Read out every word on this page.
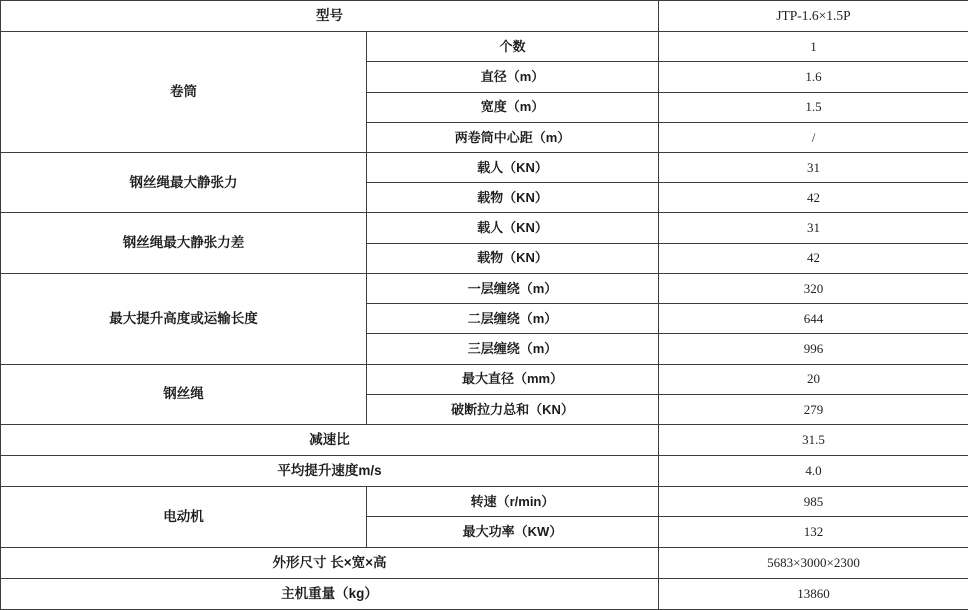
型号		JTP-1.6×1.5P
卷筒	个数	1
	直径（m）	1.6
	宽度（m）	1.5
	两卷筒中心距（m）	/
钢丝绳最大静张力	载人（KN）	31
	载物（KN）	42
钢丝绳最大静张力差	载人（KN）	31
	载物（KN）	42
最大提升高度或运输长度	一层缠绕（m）	320
	二层缠绕（m）	644
	三层缠绕（m）	996
钢丝绳	最大直径（mm）	20
	破断拉力总和（KN）	279
减速比		31.5
平均提升速度m/s		4.0
电动机	转速（r/min）	985
	最大功率（KW）	132
外形尺寸 长×宽×高		5683×3000×2300
主机重量（kg）		13860
